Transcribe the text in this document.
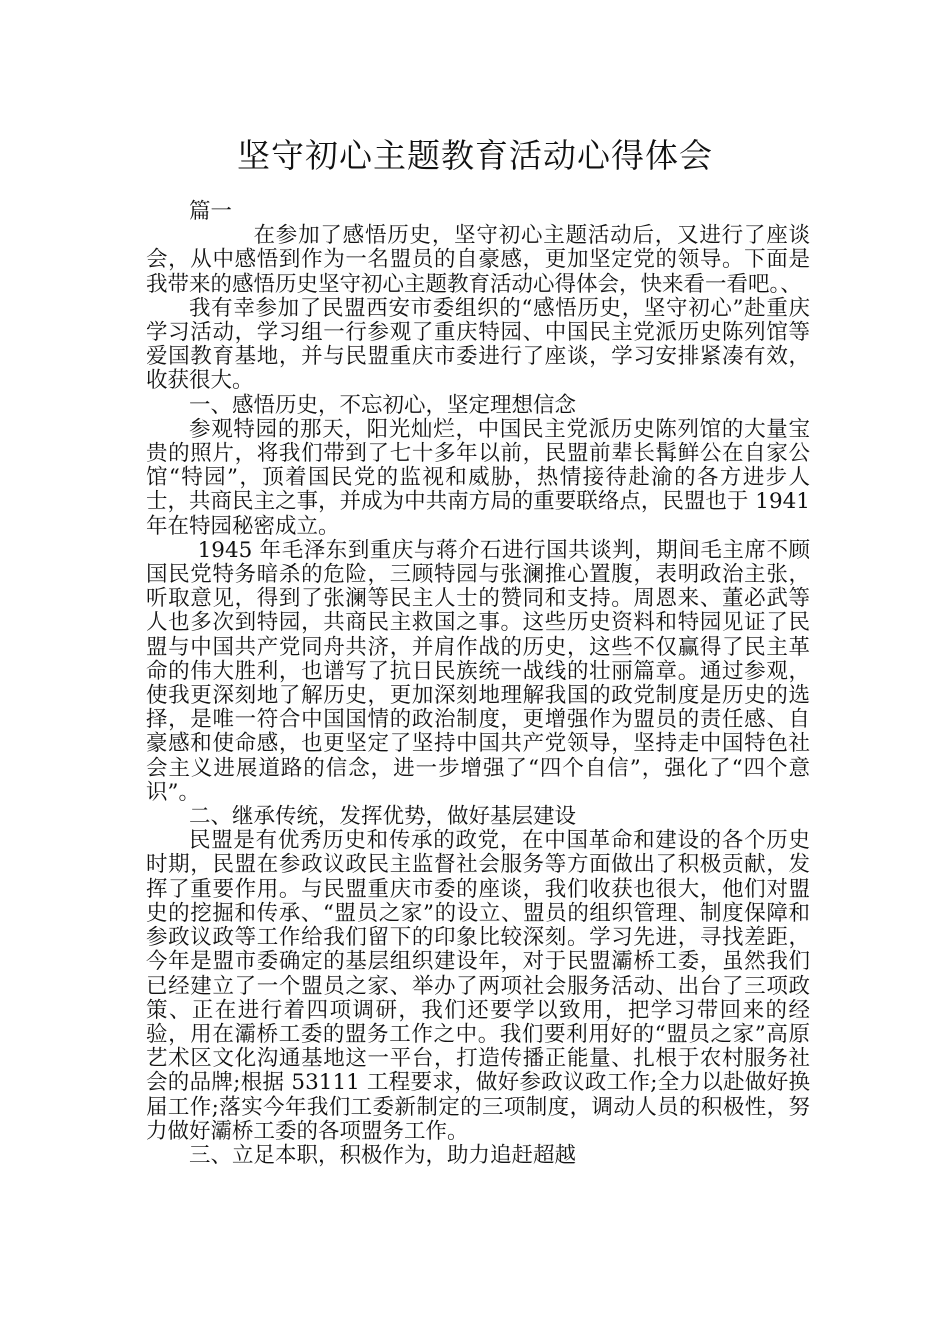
坚守初心主题教育活动心得体会

篇一

在参加了感悟历史，坚守初心主题活动后，又进行了座谈会，从中感悟到作为一名盟员的自豪感，更加坚定党的领导。下面是我带来的感悟历史坚守初心主题教育活动心得体会，快来看一看吧。、

我有幸参加了民盟西安市委组织的“感悟历史，坚守初心”赴重庆学习活动，学习组一行参观了重庆特园、中国民主党派历史陈列馆等爱国教育基地，并与民盟重庆市委进行了座谈，学习安排紧凑有效，收获很大。

一、感悟历史，不忘初心，坚定理想信念

参观特园的那天，阳光灿烂，中国民主党派历史陈列馆的大量宝贵的照片，将我们带到了七十多年以前，民盟前辈长髯鲜公在自家公馆“特园”，顶着国民党的监视和威胁，热情接待赴渝的各方进步人士，共商民主之事，并成为中共南方局的重要联络点，民盟也于 1941 年在特园秘密成立。

1945 年毛泽东到重庆与蒋介石进行国共谈判，期间毛主席不顾国民党特务暗杀的危险，三顾特园与张澜推心置腹，表明政治主张，听取意见，得到了张澜等民主人士的赞同和支持。周恩来、董必武等人也多次到特园，共商民主救国之事。这些历史资料和特园见证了民盟与中国共产党同舟共济，并肩作战的历史，这些不仅赢得了民主革命的伟大胜利，也谱写了抗日民族统一战线的壮丽篇章。通过参观，使我更深刻地了解历史，更加深刻地理解我国的政党制度是历史的选择，是唯一符合中国国情的政治制度，更增强作为盟员的责任感、自豪感和使命感，也更坚定了坚持中国共产党领导，坚持走中国特色社会主义进展道路的信念，进一步增强了“四个自信”，强化了“四个意识”。

二、继承传统，发挥优势，做好基层建设

民盟是有优秀历史和传承的政党，在中国革命和建设的各个历史时期，民盟在参政议政民主监督社会服务等方面做出了积极贡献，发挥了重要作用。与民盟重庆市委的座谈，我们收获也很大，他们对盟史的挖掘和传承、“盟员之家”的设立、盟员的组织管理、制度保障和参政议政等工作给我们留下的印象比较深刻。学习先进，寻找差距，今年是盟市委确定的基层组织建设年，对于民盟灞桥工委，虽然我们已经建立了一个盟员之家、举办了两项社会服务活动、出台了三项政策、正在进行着四项调研，我们还要学以致用，把学习带回来的经验，用在灞桥工委的盟务工作之中。我们要利用好的“盟员之家”高原艺术区文化沟通基地这一平台，打造传播正能量、扎根于农村服务社会的品牌;根据 53111 工程要求，做好参政议政工作;全力以赴做好换届工作;落实今年我们工委新制定的三项制度，调动人员的积极性，努力做好灞桥工委的各项盟务工作。

三、立足本职，积极作为，助力追赶超越
